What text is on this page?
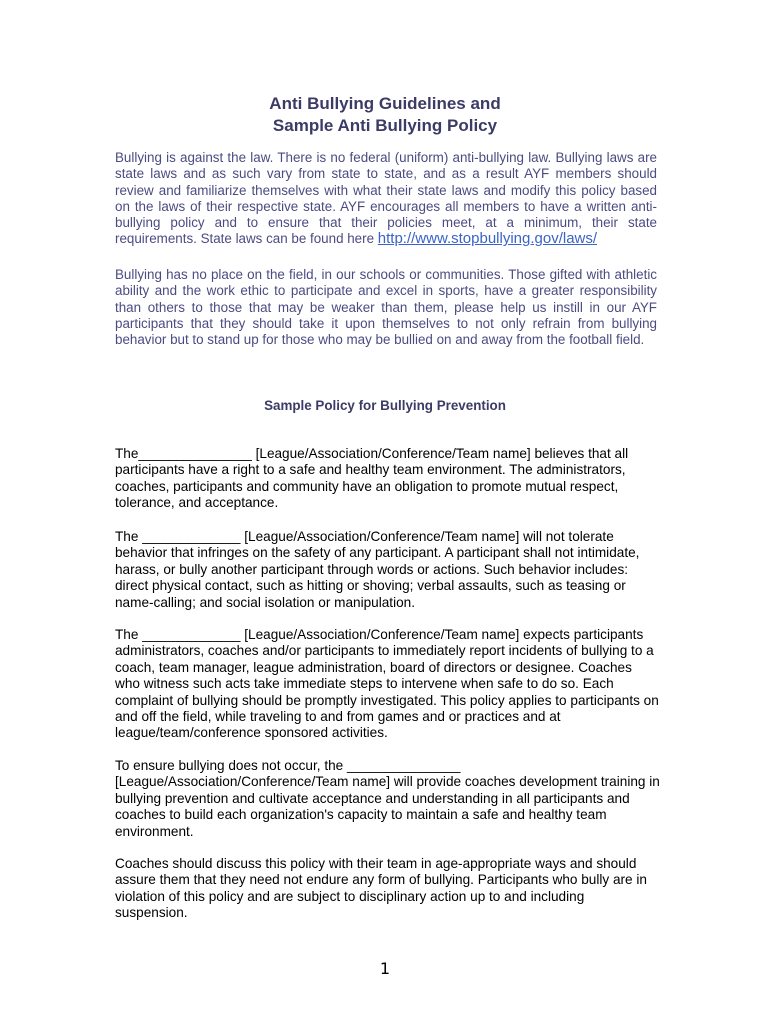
Anti Bullying Guidelines and
Sample Anti Bullying Policy

Bullying is against the law. There is no federal (uniform) anti-bullying law. Bullying laws are state laws and as such vary from state to state, and as a result AYF members should review and familiarize themselves with what their state laws and modify this policy based on the laws of their respective state. AYF encourages all members to have a written anti-bullying policy and to ensure that their policies meet, at a minimum, their state requirements. State laws can be found here http://www.stopbullying.gov/laws/

Bullying has no place on the field, in our schools or communities. Those gifted with athletic ability and the work ethic to participate and excel in sports, have a greater responsibility than others to those that may be weaker than them, please help us instill in our AYF participants that they should take it upon themselves to not only refrain from bullying behavior but to stand up for those who may be bullied on and away from the football field.

Sample Policy for Bullying Prevention

The_______________ [League/Association/Conference/Team name] believes that all participants have a right to a safe and healthy team environment. The administrators, coaches, participants and community have an obligation to promote mutual respect, tolerance, and acceptance.

The _____________ [League/Association/Conference/Team name] will not tolerate behavior that infringes on the safety of any participant. A participant shall not intimidate, harass, or bully another participant through words or actions. Such behavior includes: direct physical contact, such as hitting or shoving; verbal assaults, such as teasing or name-calling; and social isolation or manipulation.

The _____________ [League/Association/Conference/Team name] expects participants administrators, coaches and/or participants to immediately report incidents of bullying to a coach, team manager, league administration, board of directors or designee. Coaches who witness such acts take immediate steps to intervene when safe to do so. Each complaint of bullying should be promptly investigated. This policy applies to participants on and off the field, while traveling to and from games and or practices and at league/team/conference sponsored activities.

To ensure bullying does not occur, the _______________ [League/Association/Conference/Team name] will provide coaches development training in bullying prevention and cultivate acceptance and understanding in all participants and coaches to build each organization's capacity to maintain a safe and healthy team environment.

Coaches should discuss this policy with their team in age-appropriate ways and should assure them that they need not endure any form of bullying. Participants who bully are in violation of this policy and are subject to disciplinary action up to and including suspension.

1
